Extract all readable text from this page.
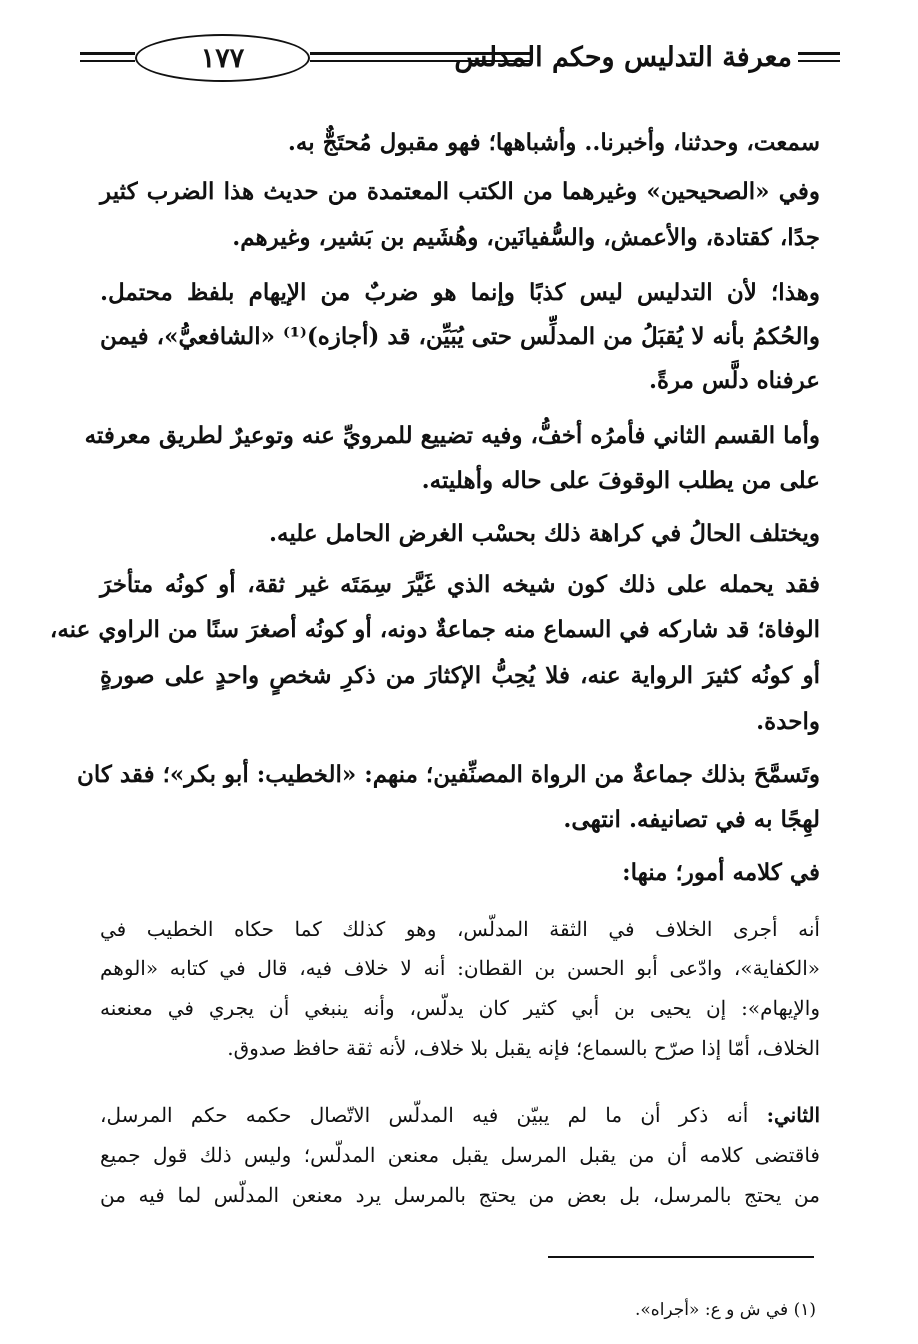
١٧٧	معرفة التدليس وحكم المدلس
سمعت، وحدثنا، وأخبرنا.. وأشباهها؛ فهو مقبول مُحتَجٌّ به.
وفي «الصحيحين» وغيرهما من الكتب المعتمدة من حديث هذا الضرب كثير
جدًا، كقتادة، والأعمش، والسُّفيانَين، وهُشَيم بن بَشير، وغيرهم.
وهذا؛ لأن التدليس ليس كذبًا وإنما هو ضربٌ من الإيهام بلفظ محتمل.
والحُكمُ بأنه لا يُقبَلُ من المدلِّس حتى يُبَيِّن، قد (أجازه)⁽¹⁾ «الشافعيُّ»، فيمن
عرفناه دلَّس مرةً.
وأما القسم الثاني فأمرُه أخفُّ، وفيه تضييع للمرويِّ عنه وتوعيرٌ لطريق معرفته
على من يطلب الوقوفَ على حاله وأهليته.
ويختلف الحالُ في كراهة ذلك بحسْب الغرض الحامل عليه.
فقد يحمله على ذلك كون شيخه الذي غَيَّرَ سِمَتَه غير ثقة، أو كونُه متأخرَ
الوفاة؛ قد شاركه في السماع منه جماعةٌ دونه، أو كونُه أصغرَ سنًا من الراوي عنه،
أو كونُه كثيرَ الرواية عنه، فلا يُحِبُّ الإكثارَ من ذكرِ شخصٍ واحدٍ على صورةٍ
واحدة.
وتَسمَّحَ بذلك جماعةٌ من الرواة المصنِّفين؛ منهم: «الخطيب: أبو بكر»؛ فقد كان
لهِجًا به في تصانيفه. انتهى.
في كلامه أمور؛ منها:
أنه أجرى الخلاف في الثقة المدلّس، وهو كذلك كما حكاه الخطيب في
«الكفاية»، وادّعى أبو الحسن بن القطان: أنه لا خلاف فيه، قال في كتابه «الوهم
والإيهام»: إن يحيى بن أبي كثير كان يدلّس، وأنه ينبغي أن يجري في معنعنه
الخلاف، أمّا إذا صرّح بالسماع؛ فإنه يقبل بلا خلاف، لأنه ثقة حافظ صدوق.
الثاني: أنه ذكر أن ما لم يبيّن فيه المدلّس الاتّصال حكمه حكم المرسل،
فاقتضى كلامه أن من يقبل المرسل يقبل معنعن المدلّس؛ وليس ذلك قول جميع
من يحتج بالمرسل، بل بعض من يحتج بالمرسل يرد معنعن المدلّس لما فيه من
(١) في ش و ع: «أجراه».
